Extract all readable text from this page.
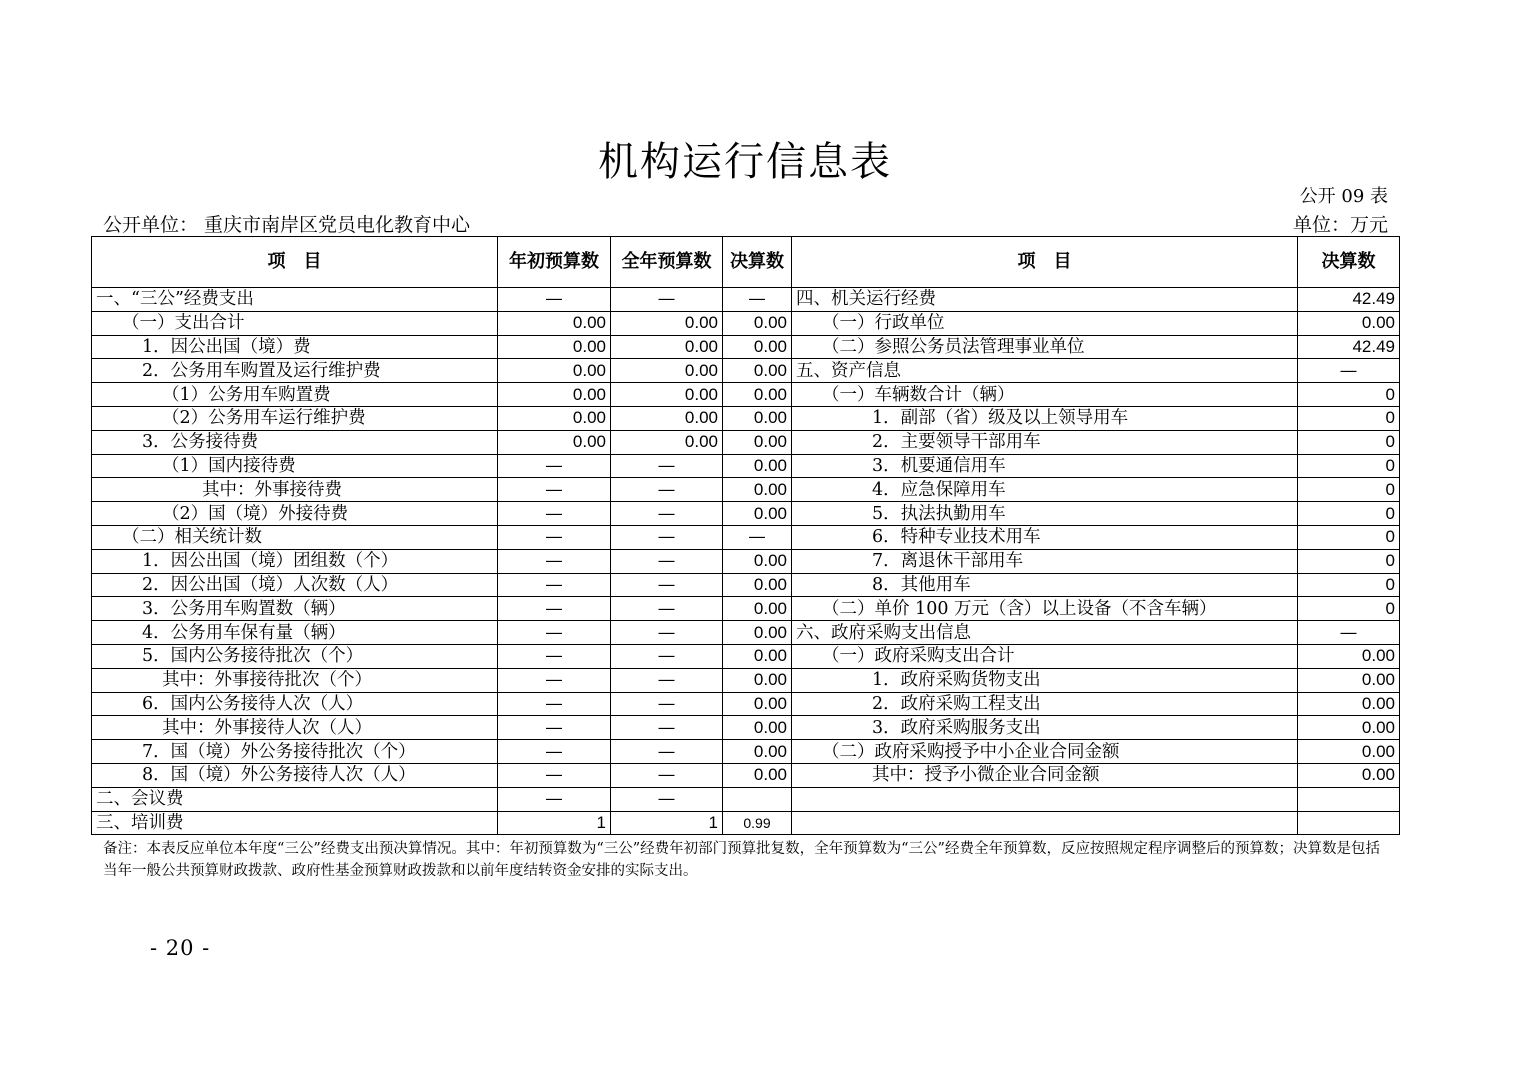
机构运行信息表
公开 09 表
公开单位： 重庆市南岸区党员电化教育中心	单位：万元
项　目	年初预算数	全年预算数	决算数	项　目	决算数
一、“三公”经费支出	—	—	—	四、机关运行经费	42.49
（一）支出合计	0.00	0.00	0.00	（一）行政单位	0.00
1．因公出国（境）费	0.00	0.00	0.00	（二）参照公务员法管理事业单位	42.49
2．公务用车购置及运行维护费	0.00	0.00	0.00	五、资产信息	—
（1）公务用车购置费	0.00	0.00	0.00	（一）车辆数合计（辆）	0
（2）公务用车运行维护费	0.00	0.00	0.00	1．副部（省）级及以上领导用车	0
3．公务接待费	0.00	0.00	0.00	2．主要领导干部用车	0
（1）国内接待费	—	—	0.00	3．机要通信用车	0
其中：外事接待费	—	—	0.00	4．应急保障用车	0
（2）国（境）外接待费	—	—	0.00	5．执法执勤用车	0
（二）相关统计数	—	—	—	6．特种专业技术用车	0
1．因公出国（境）团组数（个）	—	—	0.00	7．离退休干部用车	0
2．因公出国（境）人次数（人）	—	—	0.00	8．其他用车	0
3．公务用车购置数（辆）	—	—	0.00	（二）单价 100 万元（含）以上设备（不含车辆）	0
4．公务用车保有量（辆）	—	—	0.00	六、政府采购支出信息	—
5．国内公务接待批次（个）	—	—	0.00	（一）政府采购支出合计	0.00
其中：外事接待批次（个）	—	—	0.00	1．政府采购货物支出	0.00
6．国内公务接待人次（人）	—	—	0.00	2．政府采购工程支出	0.00
其中：外事接待人次（人）	—	—	0.00	3．政府采购服务支出	0.00
7．国（境）外公务接待批次（个）	—	—	0.00	（二）政府采购授予中小企业合同金额	0.00
8．国（境）外公务接待人次（人）	—	—	0.00	其中：授予小微企业合同金额	0.00
二、会议费	—	—			
三、培训费	1	1	0.99		
备注：本表反应单位本年度“三公”经费支出预决算情况。其中：年初预算数为“三公”经费年初部门预算批复数，全年预算数为“三公”经费全年预算数，反应按照规定程序调整后的预算数；决算数是包括当年一般公共预算财政拨款、政府性基金预算财政拨款和以前年度结转资金安排的实际支出。
- 20 -
